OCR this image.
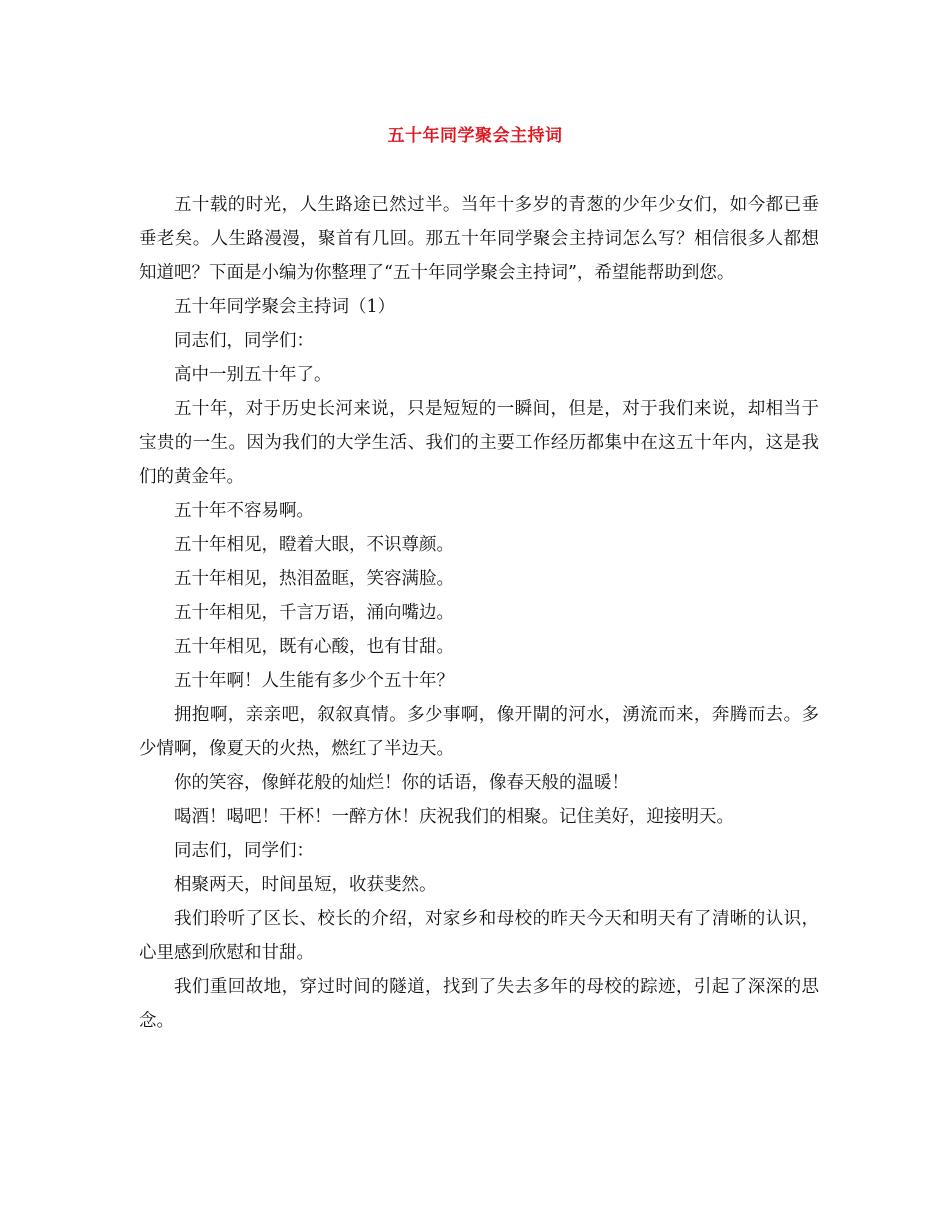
五十年同学聚会主持词

五十载的时光，人生路途已然过半。当年十多岁的青葱的少年少女们，如今都已垂垂老矣。人生路漫漫，聚首有几回。那五十年同学聚会主持词怎么写？相信很多人都想知道吧？下面是小编为你整理了“五十年同学聚会主持词”，希望能帮助到您。

五十年同学聚会主持词（1）

同志们，同学们：

高中一别五十年了。

五十年，对于历史长河来说，只是短短的一瞬间，但是，对于我们来说，却相当于宝贵的一生。因为我们的大学生活、我们的主要工作经历都集中在这五十年内，这是我们的黄金年。

五十年不容易啊。

五十年相见，瞪着大眼，不识尊颜。

五十年相见，热泪盈眶，笑容满脸。

五十年相见，千言万语，涌向嘴边。

五十年相见，既有心酸，也有甘甜。

五十年啊！人生能有多少个五十年？

拥抱啊，亲亲吧，叙叙真情。多少事啊，像开閘的河水，湧流而来，奔腾而去。多少情啊，像夏天的火热，燃红了半边天。

你的笑容，像鲜花般的灿烂！你的话语，像春天般的温暖！

喝酒！喝吧！干杯！一醉方休！庆祝我们的相聚。记住美好，迎接明天。

同志们，同学们：

相聚两天，时间虽短，收获斐然。

我们聆听了区长、校长的介绍，对家乡和母校的昨天今天和明天有了清晰的认识，心里感到欣慰和甘甜。

我们重回故地，穿过时间的隧道，找到了失去多年的母校的踪迹，引起了深深的思念。
